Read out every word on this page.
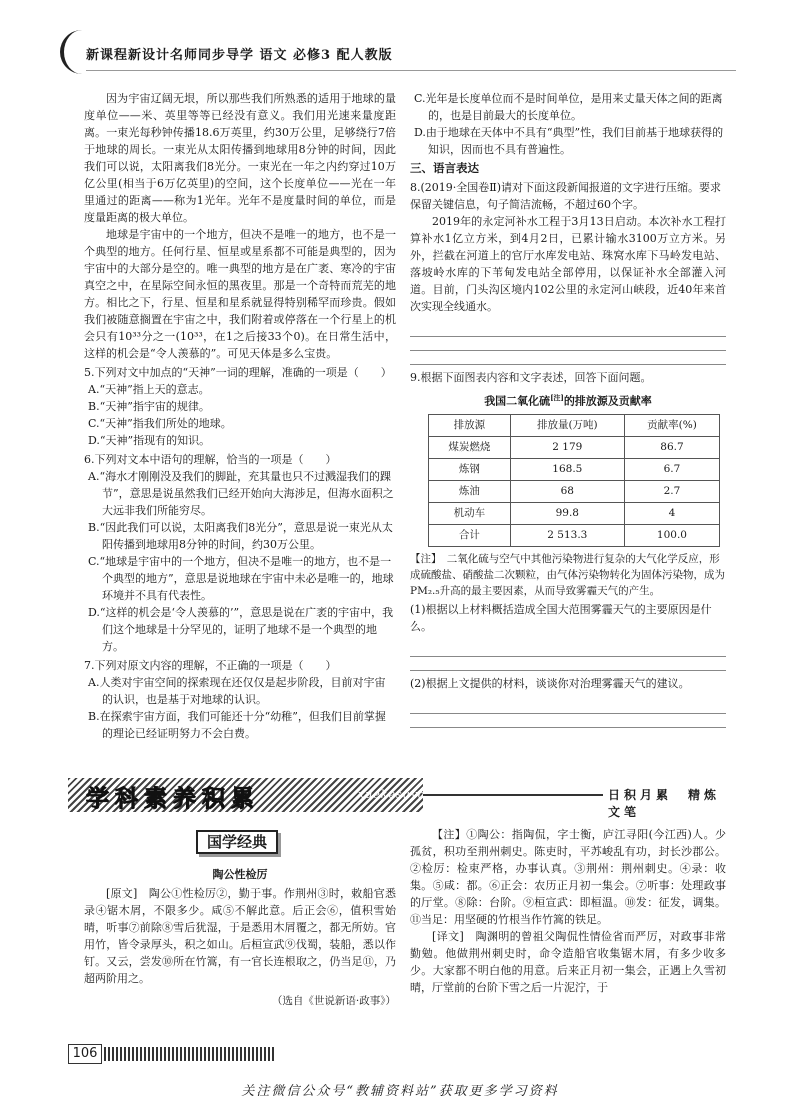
新课程新设计名师同步导学 语文 必修3 配人教版

因为宇宙辽阔无垠，所以那些我们所熟悉的适用于地球的量度单位——米、英里等等已经没有意义。我们用光速来量度距离。一束光每秒钟传播18.6万英里，约30万公里，足够绕行7倍于地球的周长。一束光从太阳传播到地球用8分钟的时间，因此我们可以说，太阳离我们8光分。一束光在一年之内约穿过10万亿公里(相当于6万亿英里)的空间，这个长度单位——光在一年里通过的距离——称为1光年。光年不是度量时间的单位，而是度量距离的极大单位。

地球是宇宙中的一个地方，但决不是唯一的地方，也不是一个典型的地方。任何行星、恒星或星系都不可能是典型的，因为宇宙中的大部分是空的。唯一典型的地方是在广袤、寒冷的宇宙真空之中，在星际空间永恒的黑夜里。那是一个奇特而荒芜的地方。相比之下，行星、恒星和星系就显得特别稀罕而珍贵。假如我们被随意搁置在宇宙之中，我们附着或停落在一个行星上的机会只有10³³分之一(10³³，在1之后接33个0)。在日常生活中，这样的机会是“令人羡慕的”。可见天体是多么宝贵。

5.下列对文中加点的“天神”一词的理解，准确的一项是（　　）

A.“天神”指上天的意志。

B.“天神”指宇宙的规律。

C.“天神”指我们所处的地球。

D.“天神”指现有的知识。

6.下列对文本中语句的理解，恰当的一项是（　　）

A.“海水才刚刚没及我们的脚趾，充其量也只不过溅湿我们的踝节”，意思是说虽然我们已经开始向大海涉足，但海水面积之大远非我们所能穷尽。

B.“因此我们可以说，太阳离我们8光分”，意思是说一束光从太阳传播到地球用8分钟的时间，约30万公里。

C.“地球是宇宙中的一个地方，但决不是唯一的地方，也不是一个典型的地方”，意思是说地球在宇宙中未必是唯一的，地球环境并不具有代表性。

D.“这样的机会是‘令人羡慕的’”，意思是说在广袤的宇宙中，我们这个地球是十分罕见的，证明了地球不是一个典型的地方。

7.下列对原文内容的理解，不正确的一项是（　　）

A.人类对宇宙空间的探索现在还仅仅是起步阶段，目前对宇宙的认识，也是基于对地球的认识。

B.在探索宇宙方面，我们可能还十分“幼稚”，但我们目前掌握的理论已经证明努力不会白费。

C.光年是长度单位而不是时间单位，是用来丈量天体之间的距离的，也是目前最大的长度单位。

D.由于地球在天体中不具有“典型”性，我们目前基于地球获得的知识，因而也不具有普遍性。

三、语言表达

8.(2019·全国卷Ⅱ)请对下面这段新闻报道的文字进行压缩。要求保留关键信息，句子简洁流畅，不超过60个字。

2019年的永定河补水工程于3月13日启动。本次补水工程打算补水1亿立方米，到4月2日，已累计输水3100万立方米。另外，拦截在河道上的官厅水库发电站、珠窝水库下马岭发电站、落坡岭水库的下苇甸发电站全部停用，以保证补水全部灌入河道。目前，门头沟区境内102公里的永定河山峡段，近40年来首次实现全线通水。

9.根据下面图表内容和文字表述，回答下面问题。

我国二氧化硫[注]的排放源及贡献率

排放源	排放量(万吨)	贡献率(%)
煤炭燃烧	2 179	86.7
炼钢	168.5	6.7
炼油	68	2.7
机动车	99.8	4
合计	2 513.3	100.0

【注】　二氧化硫与空气中其他污染物进行复杂的大气化学反应，形成硫酸盐、硝酸盐二次颗粒，由气体污染物转化为固体污染物，成为PM₂.₅升高的最主要因素，从而导致雾霾天气的产生。

(1)根据以上材料概括造成全国大范围雾霾天气的主要原因是什么。

(2)根据上文提供的材料，谈谈你对治理雾霾天气的建议。

学科素养积累	xuekesuyangjilei	日积月累　精炼文笔
国学经典

陶公性检厉

[原文]　陶公①性检厉②，勤于事。作荆州③时，敕船官悉录④锯木屑，不限多少。咸⑤不解此意。后正会⑥，值积雪始晴，听事⑦前除⑧雪后犹湿，于是悉用木屑覆之，都无所妨。官用竹，皆令录厚头，积之如山。后桓宣武⑨伐蜀，装船，悉以作钉。又云，尝发⑩所在竹篙，有一官长连根取之，仍当足⑪，乃超两阶用之。

（选自《世说新语·政事》）

【注】①陶公：指陶侃，字士衡，庐江寻阳(今江西)人。少孤贫，积功至荆州刺史。陈吏时，平苏峻乱有功，封长沙郡公。②检厉：检束严格，办事认真。③荆州：荆州刺史。④录：收集。⑤咸：都。⑥正会：农历正月初一集会。⑦听事：处理政事的厅堂。⑧除：台阶。⑨桓宣武：即桓温。⑩发：征发，调集。⑪当足：用坚硬的竹根当作竹篙的铁足。

[译文]　陶渊明的曾祖父陶侃性情俭省而严厉，对政事非常勤勉。他做荆州刺史时，命令造船官收集锯木屑，有多少收多少。大家都不明白他的用意。后来正月初一集会，正遇上久雪初晴，厅堂前的台阶下雪之后一片泥泞，于

106
关注微信公众号“教辅资料站”获取更多学习资料
